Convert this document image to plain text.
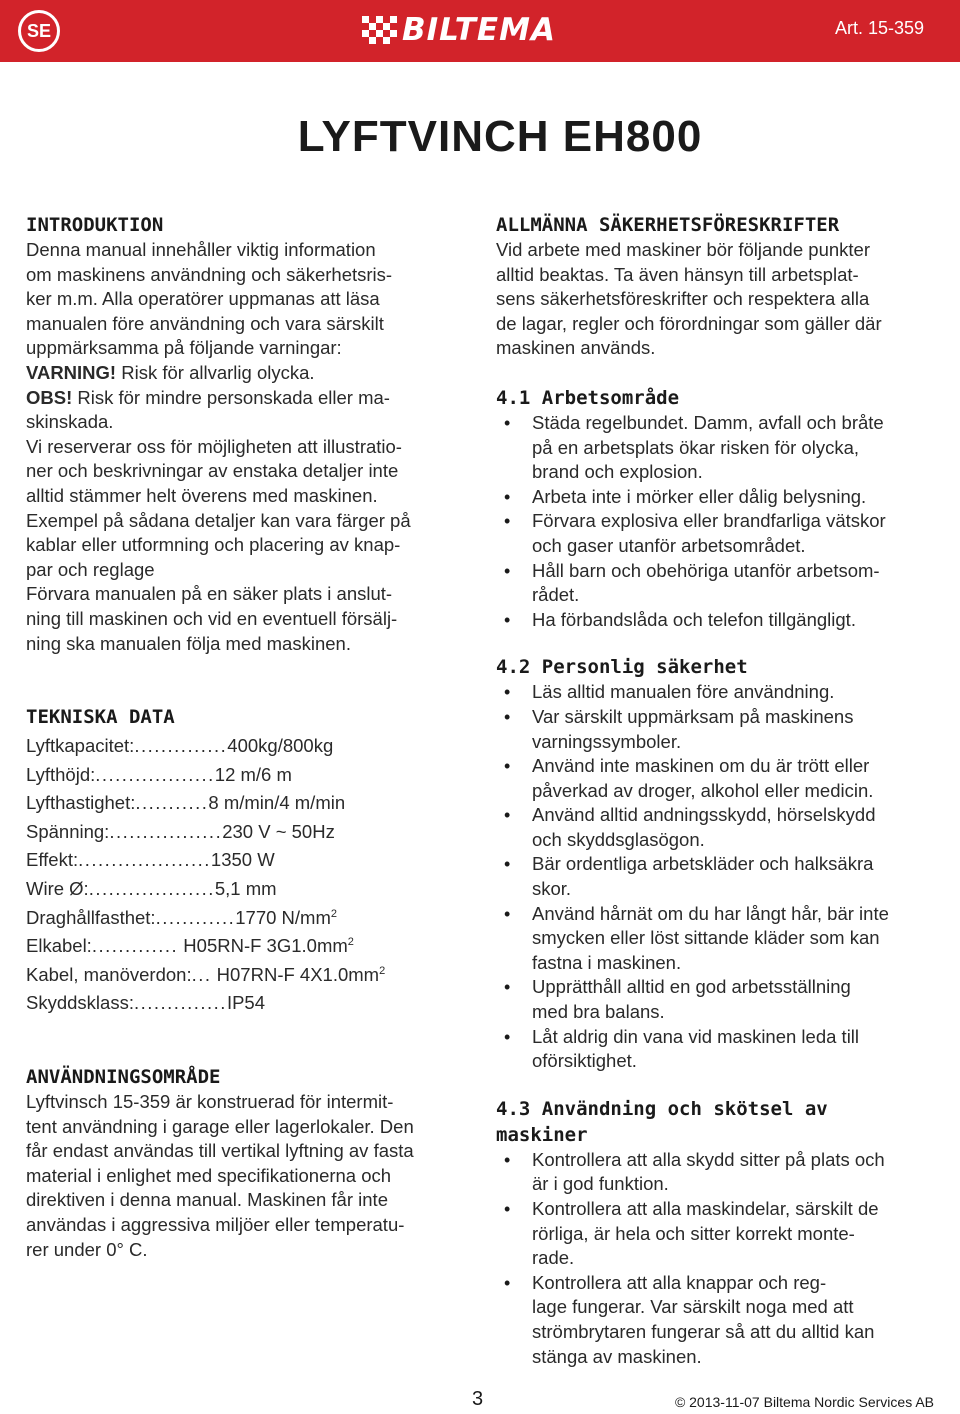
SE	BILTEMA	Art. 15-359
LYFTVINCH EH800
INTRODUKTION
Denna manual innehåller viktig information
om maskinens användning och säkerhetsris-
ker m.m. Alla operatörer uppmanas att läsa
manualen före användning och vara särskilt
uppmärksamma på följande varningar:
VARNING! Risk för allvarlig olycka.
OBS! Risk för mindre personskada eller ma-
skinskada.
Vi reserverar oss för möjligheten att illustratio-
ner och beskrivningar av enstaka detaljer inte
alltid stämmer helt överens med maskinen.
Exempel på sådana detaljer kan vara färger på
kablar eller utformning och placering av knap-
par och reglage
Förvara manualen på en säker plats i anslut-
ning till maskinen och vid en eventuell försälj-
ning ska manualen följa med maskinen.
TEKNISKA DATA
Lyftkapacitet:..............400kg/800kg
Lyfthöjd:..................12 m/6 m
Lyfthastighet:...........8 m/min/4 m/min
Spänning:.................230 V ~ 50Hz
Effekt:....................1350 W
Wire Ø:...................5,1 mm
Draghållfasthet:............1770 $N/mm^2$
Elkabel:............. H05RN-F $3G1.0mm^2$
Kabel, manöverdon:... H07RN-F $4X1.0mm^2$
Skyddsklass:..............IP54
ANVÄNDNINGSOMRÅDE
Lyftvinsch 15-359 är konstruerad för intermit-
tent användning i garage eller lagerlokaler. Den
får endast användas till vertikal lyftning av fasta
material i enlighet med specifikationerna och
direktiven i denna manual. Maskinen får inte
användas i aggressiva miljöer eller temperatu-
rer under 0° C.
ALLMÄNNA SÄKERHETSFÖRESKRIFTER
Vid arbete med maskiner bör följande punkter
alltid beaktas. Ta även hänsyn till arbetsplat-
sens säkerhetsföreskrifter och respektera alla
de lagar, regler och förordningar som gäller där
maskinen används.
4.1 Arbetsområde
• Städa regelbundet. Damm, avfall och bråte
på en arbetsplats ökar risken för olycka,
brand och explosion.
• Arbeta inte i mörker eller dålig belysning.
• Förvara explosiva eller brandfarliga vätskor
och gaser utanför arbetsområdet.
• Håll barn och obehöriga utanför arbetsom-
rådet.
• Ha förbandslåda och telefon tillgängligt.
4.2 Personlig säkerhet
• Läs alltid manualen före användning.
• Var särskilt uppmärksam på maskinens
varningssymboler.
• Använd inte maskinen om du är trött eller
påverkad av droger, alkohol eller medicin.
• Använd alltid andningsskydd, hörselskydd
och skyddsglasögon.
• Bär ordentliga arbetskläder och halksäkra
skor.
• Använd hårnät om du har långt hår, bär inte
smycken eller löst sittande kläder som kan
fastna i maskinen.
• Upprätthåll alltid en god arbetsställning
med bra balans.
• Låt aldrig din vana vid maskinen leda till
oförsiktighet.
4.3 Användning och skötsel av
maskiner
• Kontrollera att alla skydd sitter på plats och
är i god funktion.
• Kontrollera att alla maskindelar, särskilt de
rörliga, är hela och sitter korrekt monte-
rade.
• Kontrollera att alla knappar och reg-
lage fungerar. Var särskilt noga med att
strömbrytaren fungerar så att du alltid kan
stänga av maskinen.
3	© 2013-11-07 Biltema Nordic Services AB
